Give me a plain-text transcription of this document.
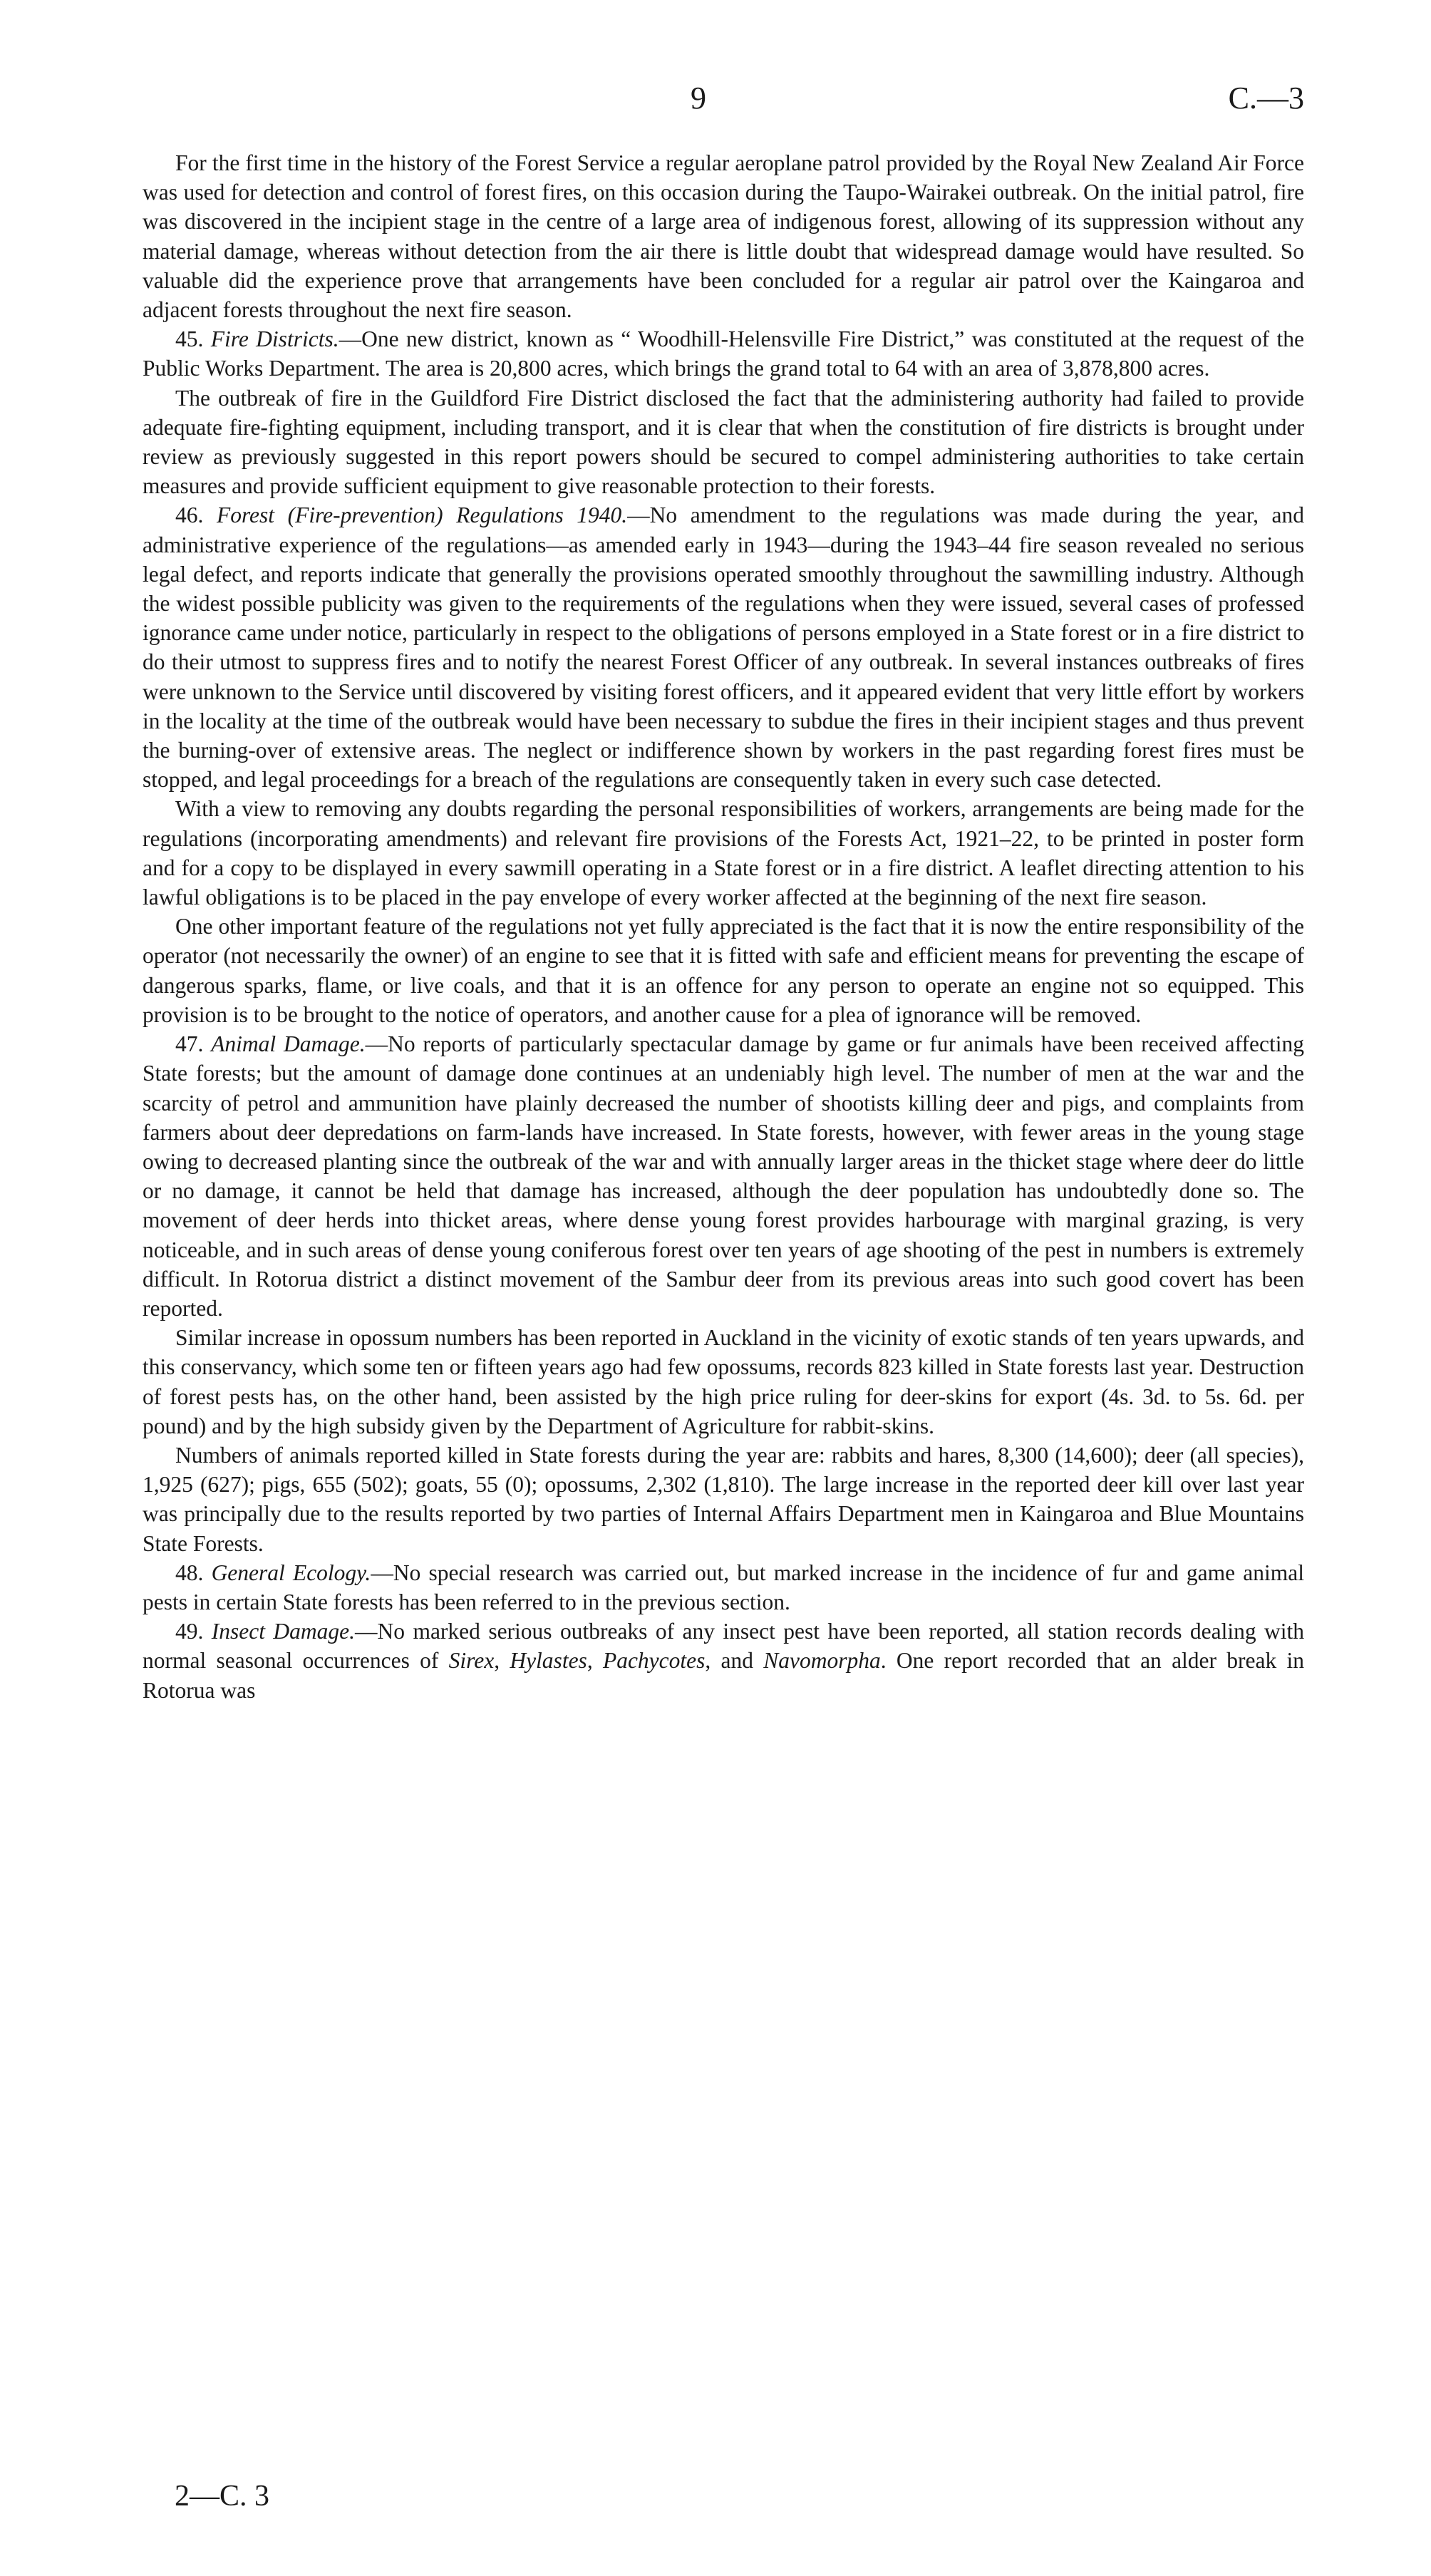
9	C.—3

For the first time in the history of the Forest Service a regular aeroplane patrol provided by the Royal New Zealand Air Force was used for detection and control of forest fires, on this occasion during the Taupo-Wairakei outbreak. On the initial patrol, fire was discovered in the incipient stage in the centre of a large area of indigenous forest, allowing of its suppression without any material damage, whereas without detection from the air there is little doubt that widespread damage would have resulted. So valuable did the experience prove that arrangements have been concluded for a regular air patrol over the Kaingaroa and adjacent forests throughout the next fire season.

45. Fire Districts.—One new district, known as “ Woodhill-Helensville Fire District,” was constituted at the request of the Public Works Department. The area is 20,800 acres, which brings the grand total to 64 with an area of 3,878,800 acres.

The outbreak of fire in the Guildford Fire District disclosed the fact that the administering authority had failed to provide adequate fire-fighting equipment, including transport, and it is clear that when the constitution of fire districts is brought under review as previously suggested in this report powers should be secured to compel administering authorities to take certain measures and provide sufficient equipment to give reasonable protection to their forests.

46. Forest (Fire-prevention) Regulations 1940.—No amendment to the regulations was made during the year, and administrative experience of the regulations—as amended early in 1943—during the 1943–44 fire season revealed no serious legal defect, and reports indicate that generally the provisions operated smoothly throughout the sawmilling industry. Although the widest possible publicity was given to the requirements of the regulations when they were issued, several cases of professed ignorance came under notice, particularly in respect to the obligations of persons employed in a State forest or in a fire district to do their utmost to suppress fires and to notify the nearest Forest Officer of any outbreak. In several instances outbreaks of fires were unknown to the Service until discovered by visiting forest officers, and it appeared evident that very little effort by workers in the locality at the time of the outbreak would have been necessary to subdue the fires in their incipient stages and thus prevent the burning-over of extensive areas. The neglect or indifference shown by workers in the past regarding forest fires must be stopped, and legal proceedings for a breach of the regulations are consequently taken in every such case detected.

With a view to removing any doubts regarding the personal responsibilities of workers, arrangements are being made for the regulations (incorporating amendments) and relevant fire provisions of the Forests Act, 1921–22, to be printed in poster form and for a copy to be displayed in every sawmill operating in a State forest or in a fire district. A leaflet directing attention to his lawful obligations is to be placed in the pay envelope of every worker affected at the beginning of the next fire season.

One other important feature of the regulations not yet fully appreciated is the fact that it is now the entire responsibility of the operator (not necessarily the owner) of an engine to see that it is fitted with safe and efficient means for preventing the escape of dangerous sparks, flame, or live coals, and that it is an offence for any person to operate an engine not so equipped. This provision is to be brought to the notice of operators, and another cause for a plea of ignorance will be removed.

47. Animal Damage.—No reports of particularly spectacular damage by game or fur animals have been received affecting State forests; but the amount of damage done continues at an undeniably high level. The number of men at the war and the scarcity of petrol and ammunition have plainly decreased the number of shootists killing deer and pigs, and complaints from farmers about deer depredations on farm-lands have increased. In State forests, however, with fewer areas in the young stage owing to decreased planting since the outbreak of the war and with annually larger areas in the thicket stage where deer do little or no damage, it cannot be held that damage has increased, although the deer population has undoubtedly done so. The movement of deer herds into thicket areas, where dense young forest provides harbourage with marginal grazing, is very noticeable, and in such areas of dense young coniferous forest over ten years of age shooting of the pest in numbers is extremely difficult. In Rotorua district a distinct movement of the Sambur deer from its previous areas into such good covert has been reported.

Similar increase in opossum numbers has been reported in Auckland in the vicinity of exotic stands of ten years upwards, and this conservancy, which some ten or fifteen years ago had few opossums, records 823 killed in State forests last year. Destruction of forest pests has, on the other hand, been assisted by the high price ruling for deer-skins for export (4s. 3d. to 5s. 6d. per pound) and by the high subsidy given by the Department of Agriculture for rabbit-skins.

Numbers of animals reported killed in State forests during the year are: rabbits and hares, 8,300 (14,600); deer (all species), 1,925 (627); pigs, 655 (502); goats, 55 (0); opossums, 2,302 (1,810). The large increase in the reported deer kill over last year was principally due to the results reported by two parties of Internal Affairs Department men in Kaingaroa and Blue Mountains State Forests.

48. General Ecology.—No special research was carried out, but marked increase in the incidence of fur and game animal pests in certain State forests has been referred to in the previous section.

49. Insect Damage.—No marked serious outbreaks of any insect pest have been reported, all station records dealing with normal seasonal occurrences of Sirex, Hylastes, Pachycotes, and Navomorpha. One report recorded that an alder break in Rotorua was

2—C. 3
